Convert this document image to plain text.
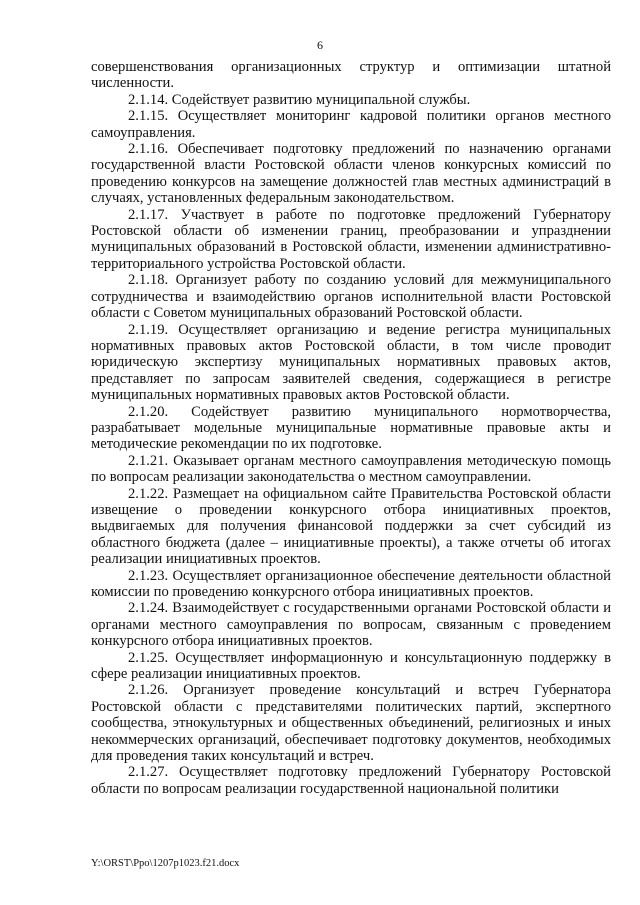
6

совершенствования организационных структур и оптимизации штатной численности.

2.1.14. Содействует развитию муниципальной службы.

2.1.15. Осуществляет мониторинг кадровой политики органов местного самоуправления.

2.1.16. Обеспечивает подготовку предложений по назначению органами государственной власти Ростовской области членов конкурсных комиссий по проведению конкурсов на замещение должностей глав местных администраций в случаях, установленных федеральным законодательством.

2.1.17. Участвует в работе по подготовке предложений Губернатору Ростовской области об изменении границ, преобразовании и упразднении муниципальных образований в Ростовской области, изменении административно-территориального устройства Ростовской области.

2.1.18. Организует работу по созданию условий для межмуниципального сотрудничества и взаимодействию органов исполнительной власти Ростовской области с Советом муниципальных образований Ростовской области.

2.1.19. Осуществляет организацию и ведение регистра муниципальных нормативных правовых актов Ростовской области, в том числе проводит юридическую экспертизу муниципальных нормативных правовых актов, представляет по запросам заявителей сведения, содержащиеся в регистре муниципальных нормативных правовых актов Ростовской области.

2.1.20. Содействует развитию муниципального нормотворчества, разрабатывает модельные муниципальные нормативные правовые акты и методические рекомендации по их подготовке.

2.1.21. Оказывает органам местного самоуправления методическую помощь по вопросам реализации законодательства о местном самоуправлении.

2.1.22. Размещает на официальном сайте Правительства Ростовской области извещение о проведении конкурсного отбора инициативных проектов, выдвигаемых для получения финансовой поддержки за счет субсидий из областного бюджета (далее – инициативные проекты), а также отчеты об итогах реализации инициативных проектов.

2.1.23. Осуществляет организационное обеспечение деятельности областной комиссии по проведению конкурсного отбора инициативных проектов.

2.1.24. Взаимодействует с государственными органами Ростовской области и органами местного самоуправления по вопросам, связанным с проведением конкурсного отбора инициативных проектов.

2.1.25. Осуществляет информационную и консультационную поддержку в сфере реализации инициативных проектов.

2.1.26. Организует проведение консультаций и встреч Губернатора Ростовской области с представителями политических партий, экспертного сообщества, этнокультурных и общественных объединений, религиозных и иных некоммерческих организаций, обеспечивает подготовку документов, необходимых для проведения таких консультаций и встреч.

2.1.27. Осуществляет подготовку предложений Губернатору Ростовской области по вопросам реализации государственной национальной политики

Y:\ORST\Ppo\1207p1023.f21.docx
